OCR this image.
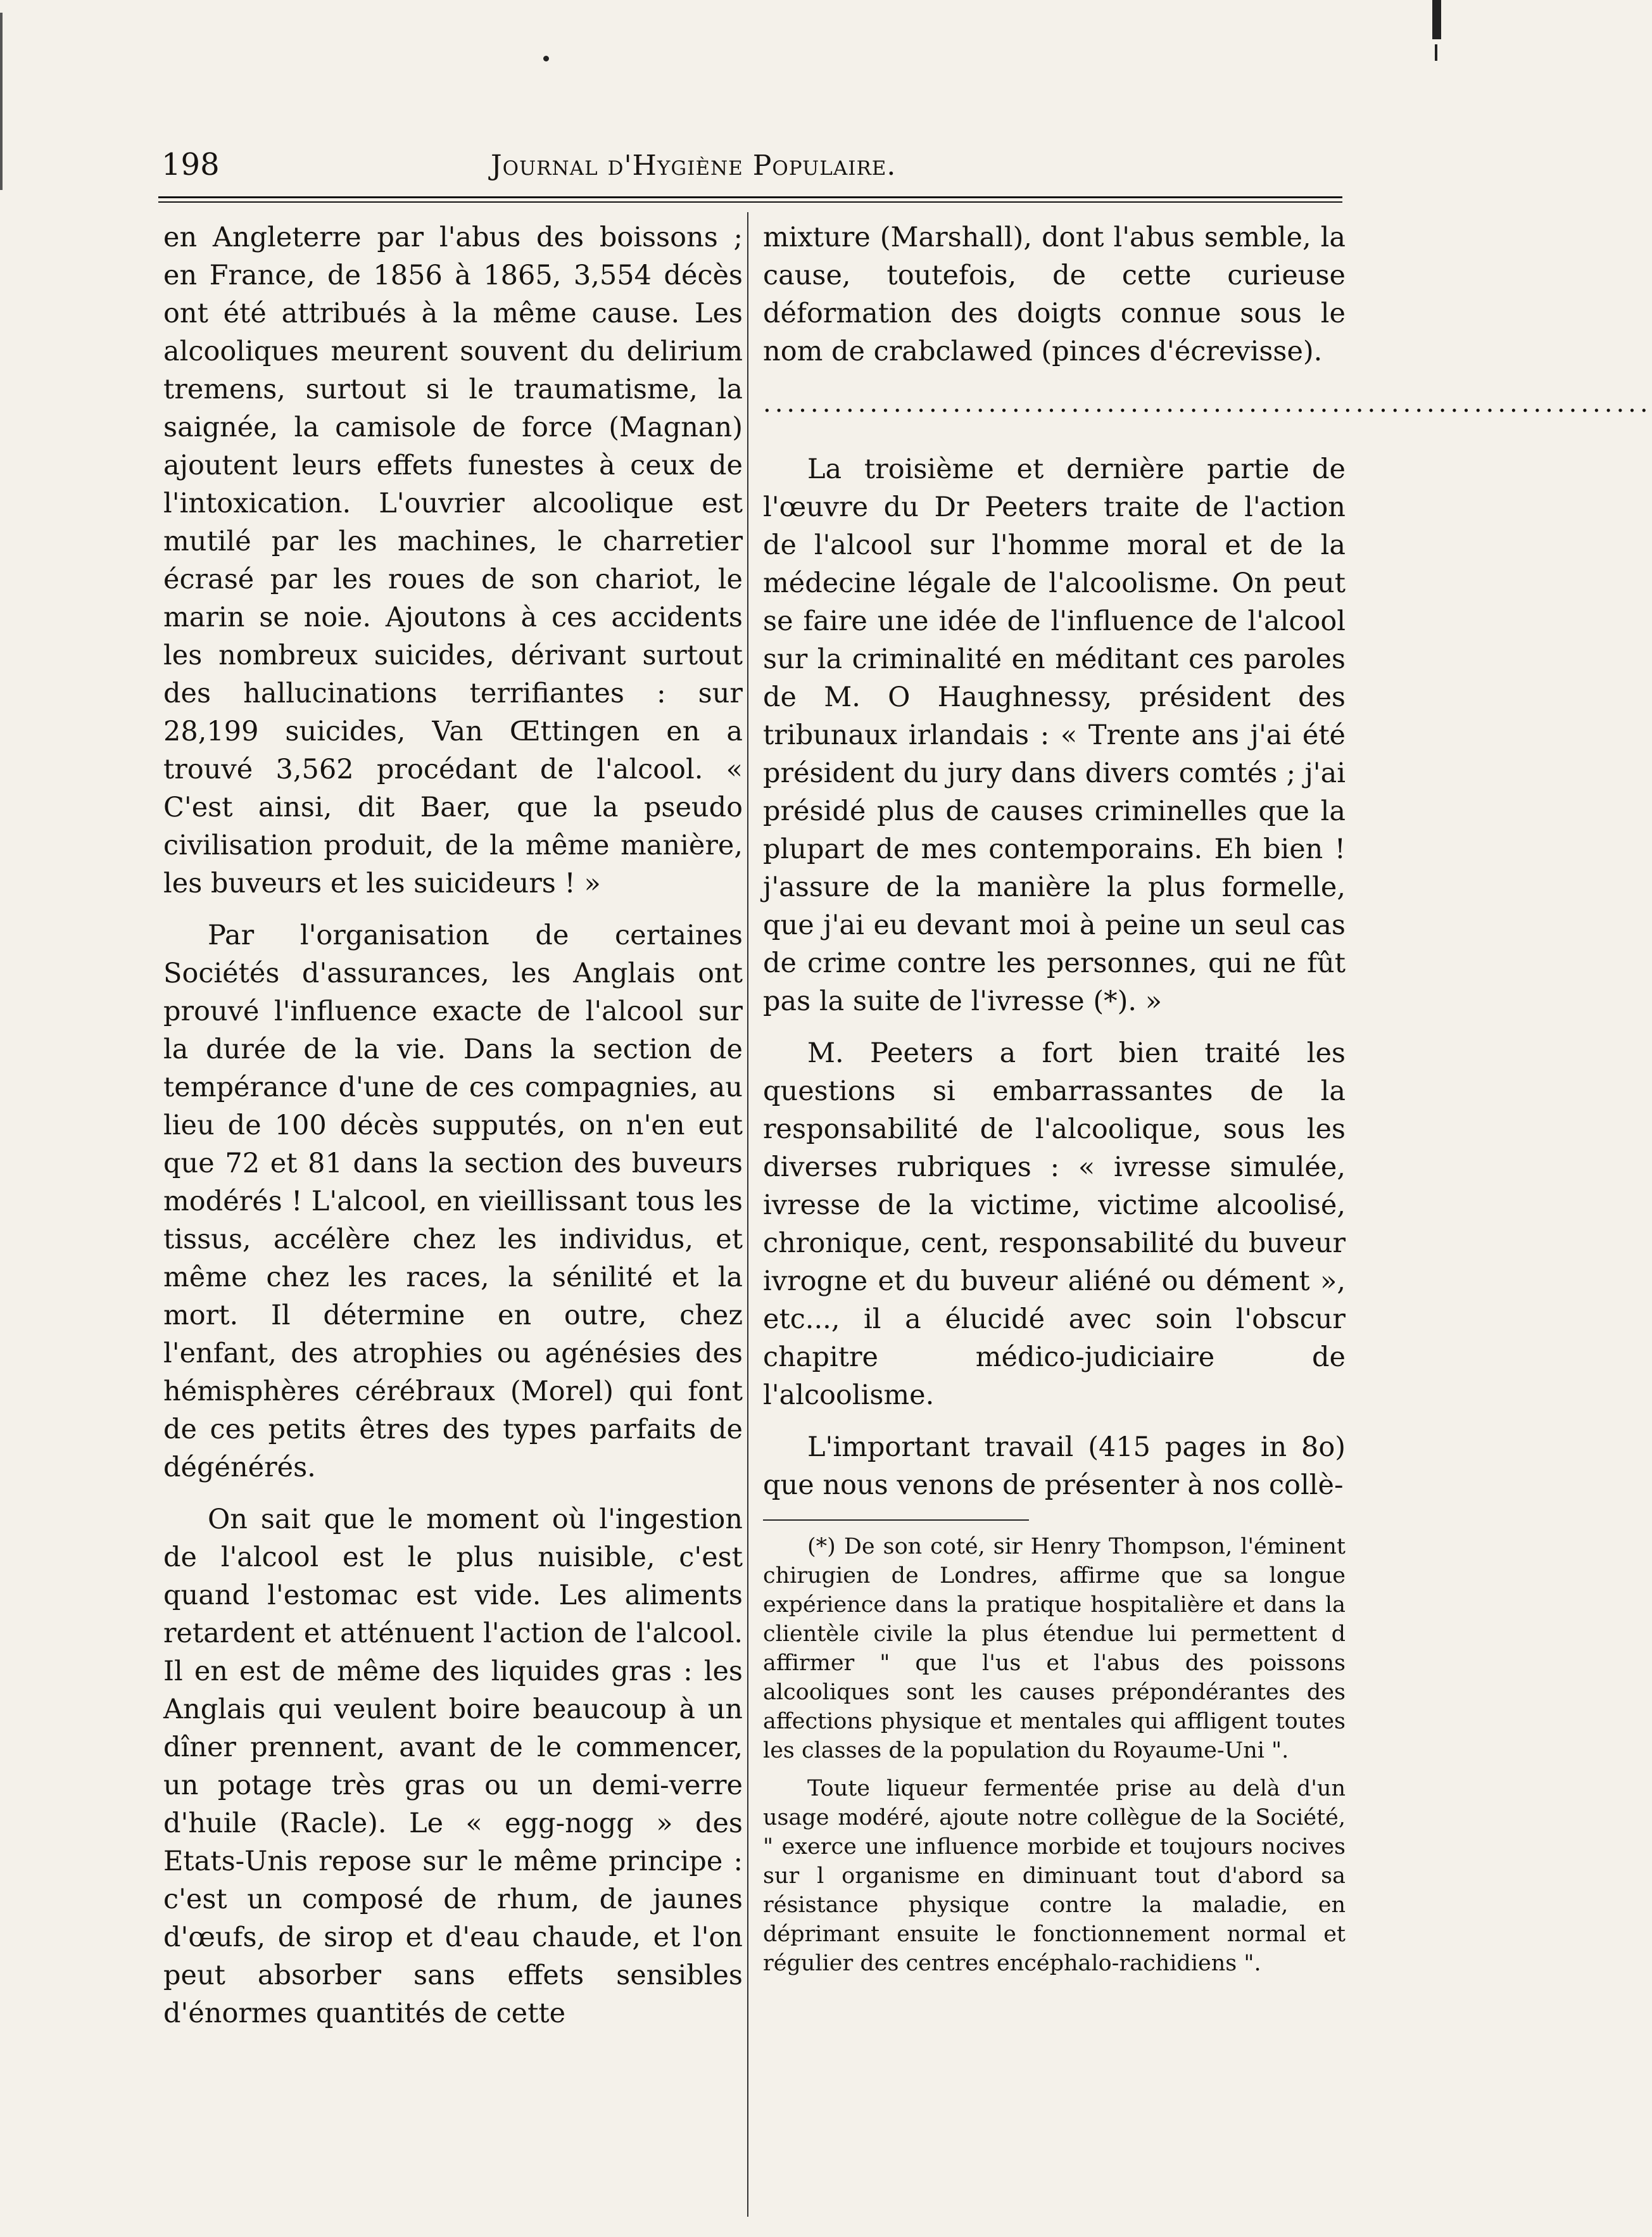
198	Journal d'Hygiène Populaire.

en Angleterre par l'abus des boissons ; en France, de 1856 à 1865, 3,554 décès ont été attribués à la même cause. Les alcooliques meurent souvent du delirium tremens, surtout si le traumatisme, la saignée, la camisole de force (Magnan) ajoutent leurs effets funestes à ceux de l'intoxication. L'ouvrier alcoolique est mutilé par les machines, le charretier écrasé par les roues de son chariot, le marin se noie. Ajoutons à ces accidents les nombreux suicides, dérivant surtout des hallucinations terrifiantes : sur 28,199 suicides, Van Œttingen en a trouvé 3,562 procédant de l'alcool. « C'est ainsi, dit Baer, que la pseudo civilisation produit, de la même manière, les buveurs et les suicideurs ! »

Par l'organisation de certaines Sociétés d'assurances, les Anglais ont prouvé l'influence exacte de l'alcool sur la durée de la vie. Dans la section de tempérance d'une de ces compagnies, au lieu de 100 décès supputés, on n'en eut que 72 et 81 dans la section des buveurs modérés ! L'alcool, en vieillissant tous les tissus, accélère chez les individus, et même chez les races, la sénilité et la mort. Il détermine en outre, chez l'enfant, des atrophies ou agénésies des hémisphères cérébraux (Morel) qui font de ces petits êtres des types parfaits de dégénérés.

On sait que le moment où l'ingestion de l'alcool est le plus nuisible, c'est quand l'estomac est vide. Les aliments retardent et atténuent l'action de l'alcool. Il en est de même des liquides gras : les Anglais qui veulent boire beaucoup à un dîner prennent, avant de le commencer, un potage très gras ou un demi-verre d'huile (Racle). Le « egg-nogg » des Etats-Unis repose sur le même principe : c'est un composé de rhum, de jaunes d'œufs, de sirop et d'eau chaude, et l'on peut absorber sans effets sensibles d'énormes quantités de cette

mixture (Marshall), dont l'abus semble, la cause, toutefois, de cette curieuse déformation des doigts connue sous le nom de crabclawed (pinces d'écrevisse).

...........................................................................

La troisième et dernière partie de l'œuvre du Dr Peeters traite de l'action de l'alcool sur l'homme moral et de la médecine légale de l'alcoolisme. On peut se faire une idée de l'influence de l'alcool sur la criminalité en méditant ces paroles de M. O Haughnessy, président des tribunaux irlandais : « Trente ans j'ai été président du jury dans divers comtés ; j'ai présidé plus de causes criminelles que la plupart de mes contemporains. Eh bien ! j'assure de la manière la plus formelle, que j'ai eu devant moi à peine un seul cas de crime contre les personnes, qui ne fût pas la suite de l'ivresse (*). »

M. Peeters a fort bien traité les questions si embarrassantes de la responsabilité de l'alcoolique, sous les diverses rubriques : « ivresse simulée, ivresse de la victime, victime alcoolisé, chronique, cent, responsabilité du buveur ivrogne et du buveur aliéné ou dément », etc..., il a élucidé avec soin l'obscur chapitre médico-judiciaire de l'alcoolisme.

L'important travail (415 pages in 8o) que nous venons de présenter à nos collè-

(*) De son coté, sir Henry Thompson, l'éminent chirugien de Londres, affirme que sa longue expérience dans la pratique hospitalière et dans la clientèle civile la plus étendue lui permettent d affirmer " que l'us et l'abus des poissons alcooliques sont les causes prépondérantes des affections physique et mentales qui affligent toutes les classes de la population du Royaume-Uni ".

Toute liqueur fermentée prise au delà d'un usage modéré, ajoute notre collègue de la Société, " exerce une influence morbide et toujours nocives sur l organisme en diminuant tout d'abord sa résistance physique contre la maladie, en déprimant ensuite le fonctionnement normal et régulier des centres encéphalo-rachidiens ".
